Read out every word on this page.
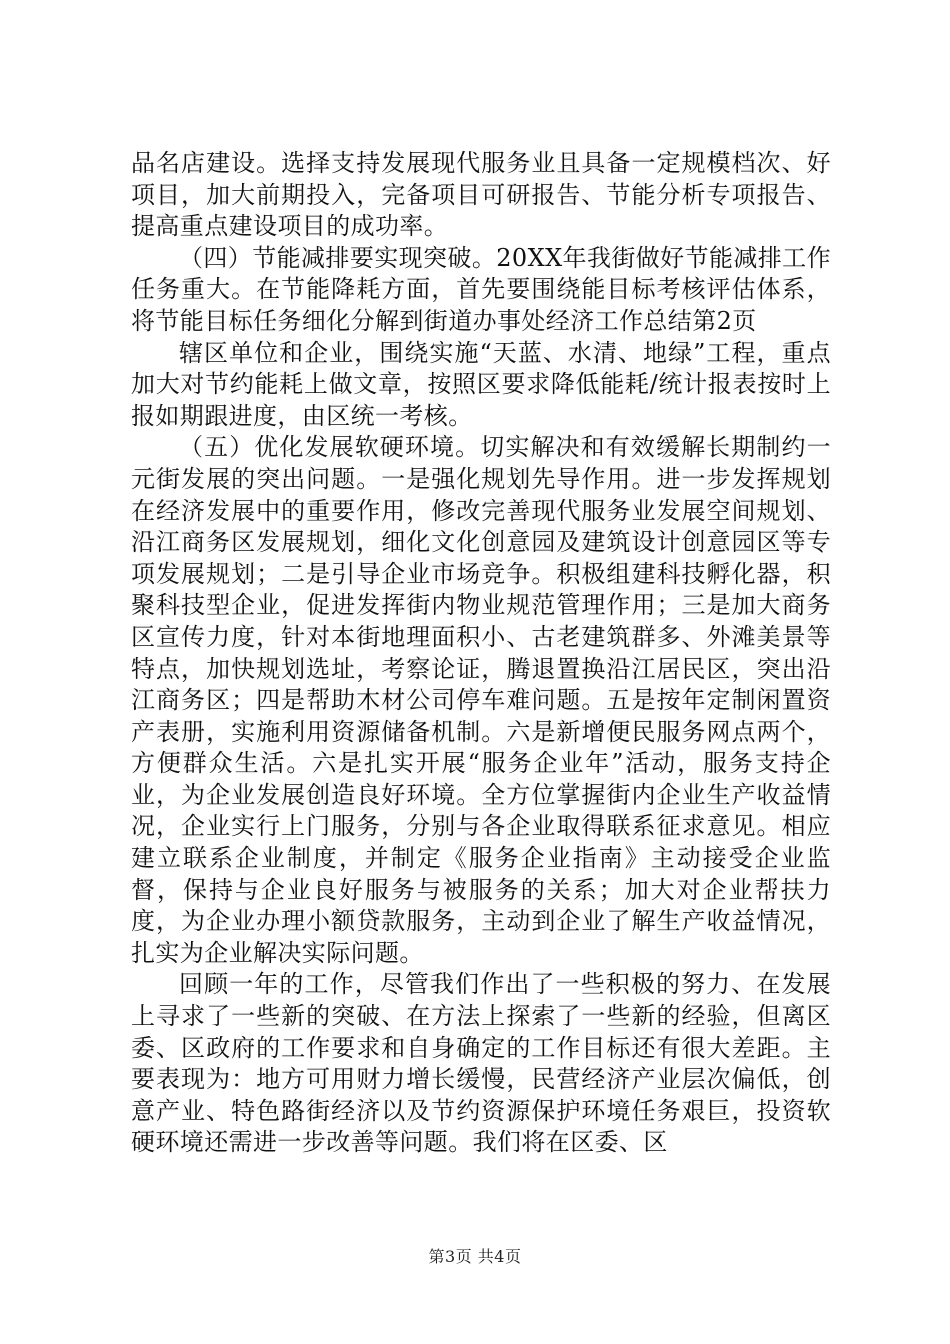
品名店建设。选择支持发展现代服务业且具备一定规模档次、好项目，加大前期投入，完备项目可研报告、节能分析专项报告、提高重点建设项目的成功率。

（四）节能减排要实现突破。20XX年我街做好节能减排工作任务重大。在节能降耗方面，首先要围绕能目标考核评估体系，将节能目标任务细化分解到街道办事处经济工作总结第2页

辖区单位和企业，围绕实施“天蓝、水清、地绿”工程，重点加大对节约能耗上做文章，按照区要求降低能耗/统计报表按时上报如期跟进度，由区统一考核。

（五）优化发展软硬环境。切实解决和有效缓解长期制约一元街发展的突出问题。一是强化规划先导作用。进一步发挥规划在经济发展中的重要作用，修改完善现代服务业发展空间规划、沿江商务区发展规划，细化文化创意园及建筑设计创意园区等专项发展规划；二是引导企业市场竞争。积极组建科技孵化器，积聚科技型企业，促进发挥街内物业规范管理作用；三是加大商务区宣传力度，针对本街地理面积小、古老建筑群多、外滩美景等特点，加快规划选址，考察论证，腾退置换沿江居民区，突出沿江商务区；四是帮助木材公司停车难问题。五是按年定制闲置资产表册，实施利用资源储备机制。六是新增便民服务网点两个，方便群众生活。六是扎实开展“服务企业年”活动，服务支持企业，为企业发展创造良好环境。全方位掌握街内企业生产收益情况，企业实行上门服务，分别与各企业取得联系征求意见。相应建立联系企业制度，并制定《服务企业指南》主动接受企业监督，保持与企业良好服务与被服务的关系；加大对企业帮扶力度，为企业办理小额贷款服务，主动到企业了解生产收益情况，扎实为企业解决实际问题。

回顾一年的工作，尽管我们作出了一些积极的努力、在发展上寻求了一些新的突破、在方法上探索了一些新的经验，但离区委、区政府的工作要求和自身确定的工作目标还有很大差距。主要表现为：地方可用财力增长缓慢，民营经济产业层次偏低，创意产业、特色路街经济以及节约资源保护环境任务艰巨，投资软硬环境还需进一步改善等问题。我们将在区委、区

第3页 共4页
